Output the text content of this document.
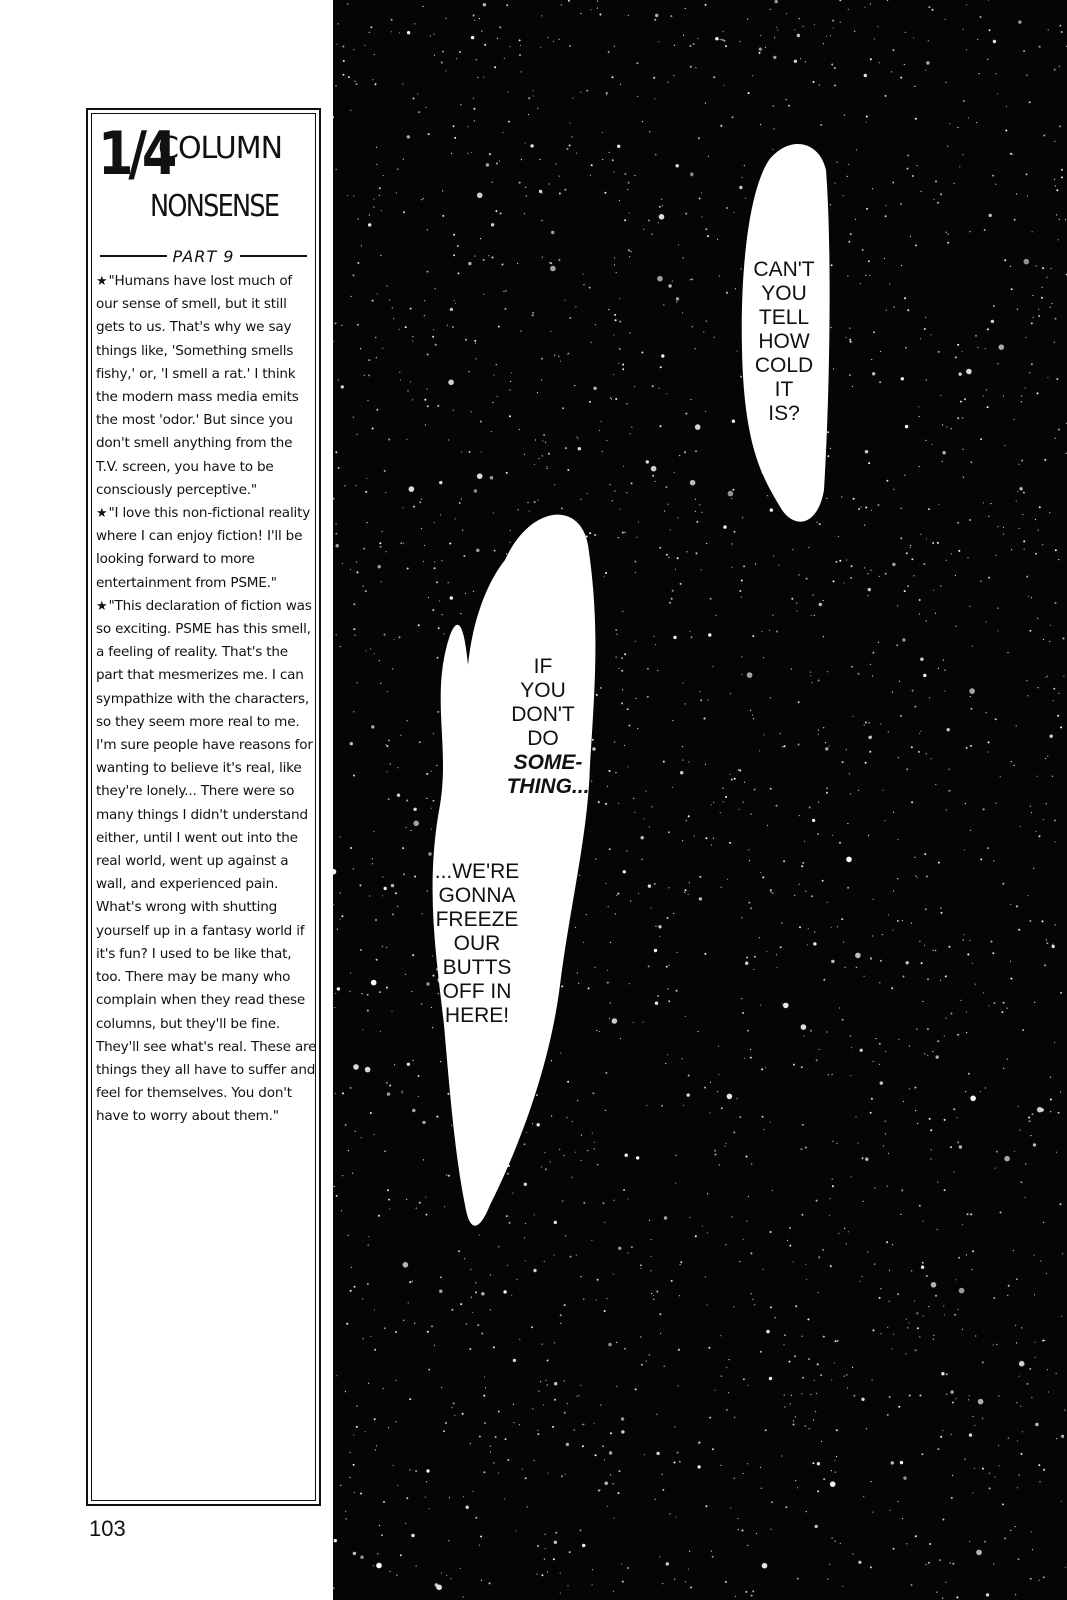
1/4
COLUMN
NONSENSE
PART 9

★"Humans have lost much of our sense of smell, but it still gets to us. That's why we say things like, 'Something smells fishy,' or, 'I smell a rat.' I think the modern mass media emits the most 'odor.' But since you don't smell anything from the T.V. screen, you have to be consciously perceptive."

★"I love this non-fictional reality where I can enjoy fiction! I'll be looking forward to more entertainment from PSME."

★"This declaration of fiction was so exciting. PSME has this smell, a feeling of reality. That's the part that mesmerizes me. I can sympathize with the characters, so they seem more real to me. I'm sure people have reasons for wanting to believe it's real, like they're lonely... There were so many things I didn't understand either, until I went out into the real world, went up against a wall, and experienced pain. What's wrong with shutting yourself up in a fantasy world if it's fun? I used to be like that, too. There may be many who complain when they read these columns, but they'll be fine. They'll see what's real. These are things they all have to suffer and feel for themselves. You don't have to worry about them."

103
CAN'T
YOU
TELL
HOW
COLD
IT
IS?
IF
YOU
DON'T
DO
SOME-
THING...
...WE'RE
GONNA
FREEZE
OUR
BUTTS
OFF IN
HERE!
